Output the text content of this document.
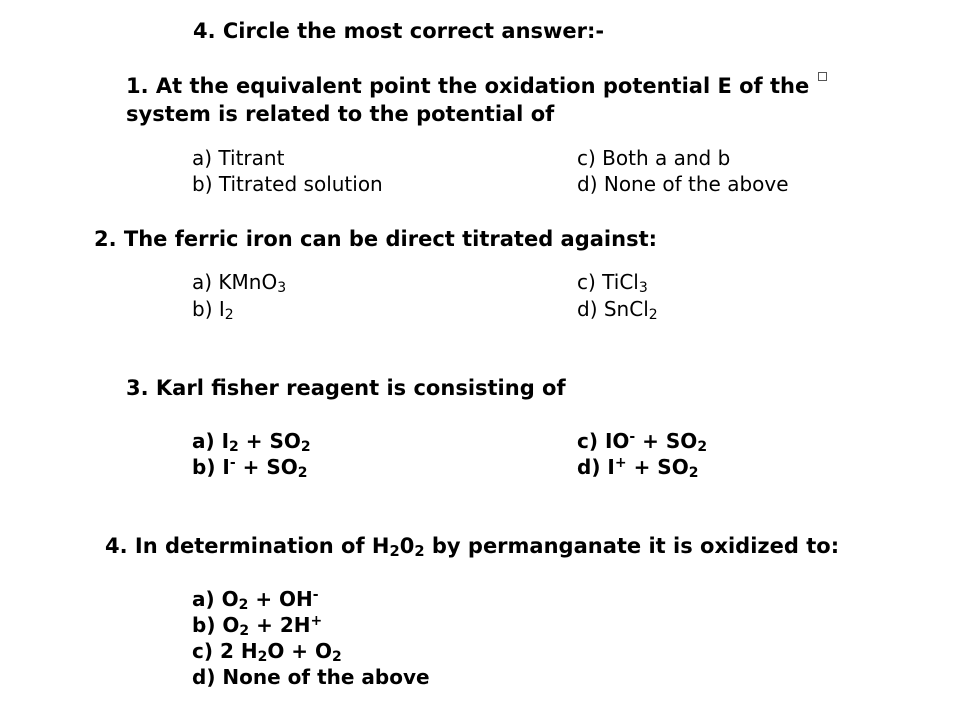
4. Circle the most correct answer:-
1. At the equivalent point the oxidation potential E of the
system is related to the potential of
a) Titrant
b) Titrated solution
c) Both a and b
d) None of the above
2. The ferric iron can be direct titrated against:
a) KMnO$_3$
b) $I_2$
c) TiCl$_3$
d) SnCl$_2$
3. Karl fisher reagent is consisting of
a) $I_2 + SO_2$
b) $I^- + SO_2$
c) $IO^- + SO_2$
d) $I^+ + SO_2$
4. In determination of $H_20_2$ by permanganate it is oxidized to:
a) $O_2 + OH^-$
b) $O_2 + 2H^+$
c) 2 $H_2O + O_2$
d) None of the above
